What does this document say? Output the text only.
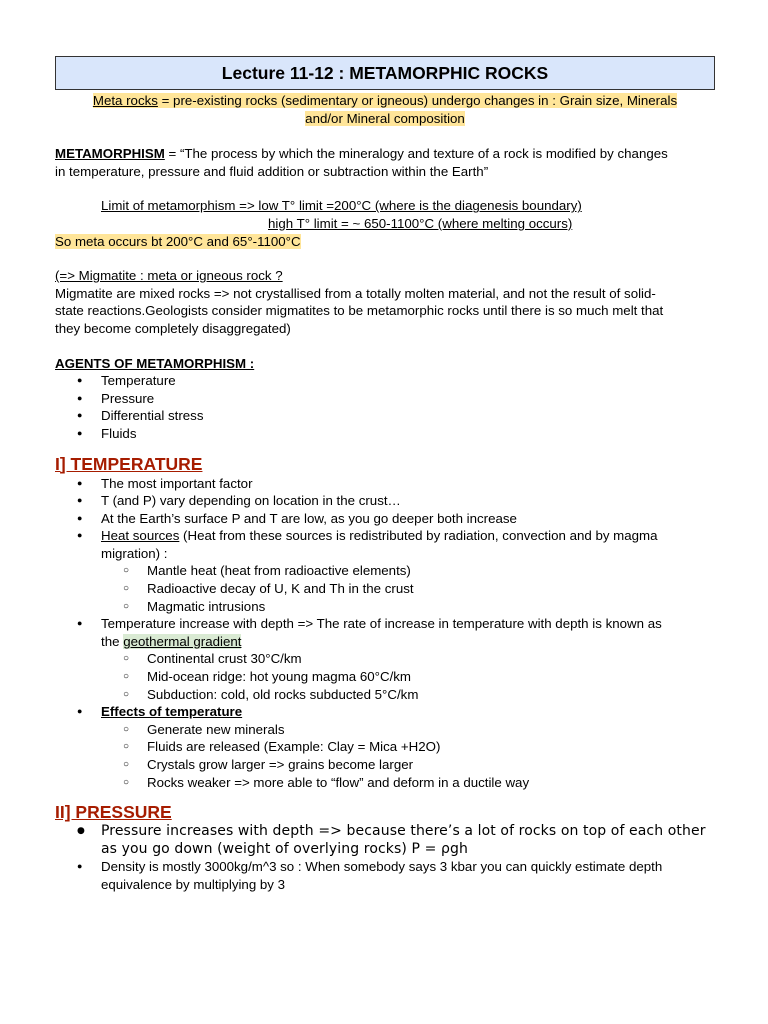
Lecture 11-12 : METAMORPHIC ROCKS

Meta rocks = pre-existing rocks (sedimentary or igneous) undergo changes in : Grain size, Minerals

and/or Mineral composition

METAMORPHISM = “The process by which the mineralogy and texture of a rock is modified by changes

in temperature, pressure and fluid addition or subtraction within the Earth”

Limit of metamorphism => low T° limit =200°C (where is the diagenesis boundary)

high T° limit = ~ 650-1100°C (where melting occurs)

So meta occurs bt 200°C and 65°-1100°C

(=> Migmatite : meta or igneous rock ?

Migmatite are mixed rocks => not crystallised from a totally molten material, and not the result of solid-

state reactions.Geologists consider migmatites to be metamorphic rocks until there is so much melt that

they become completely disaggregated)

AGENTS OF METAMORPHISM :

● Temperature
● Pressure
● Differential stress
● Fluids
I] TEMPERATURE
● The most important factor
● T (and P) vary depending on location in the crust…
● At the Earth’s surface P and T are low, as you go deeper both increase
● Heat sources (Heat from these sources is redistributed by radiation, convection and by magma
migration) :
○ Mantle heat (heat from radioactive elements)
○ Radioactive decay of U, K and Th in the crust
○ Magmatic intrusions
● Temperature increase with depth => The rate of increase in temperature with depth is known as
the geothermal gradient
○ Continental crust 30°C/km
○ Mid-ocean ridge: hot young magma 60°C/km
○ Subduction: cold, old rocks subducted 5°C/km
● Effects of temperature
○ Generate new minerals
○ Fluids are released (Example: Clay = Mica +H2O)
○ Crystals grow larger => grains become larger
○ Rocks weaker => more able to “flow” and deform in a ductile way
II] PRESSURE
● Pressure increases with depth => because there’s a lot of rocks on top of each other
as you go down (weight of overlying rocks) P = ρgh
● Density is mostly 3000kg/m^3 so : When somebody says 3 kbar you can quickly estimate depth
equivalence by multiplying by 3
